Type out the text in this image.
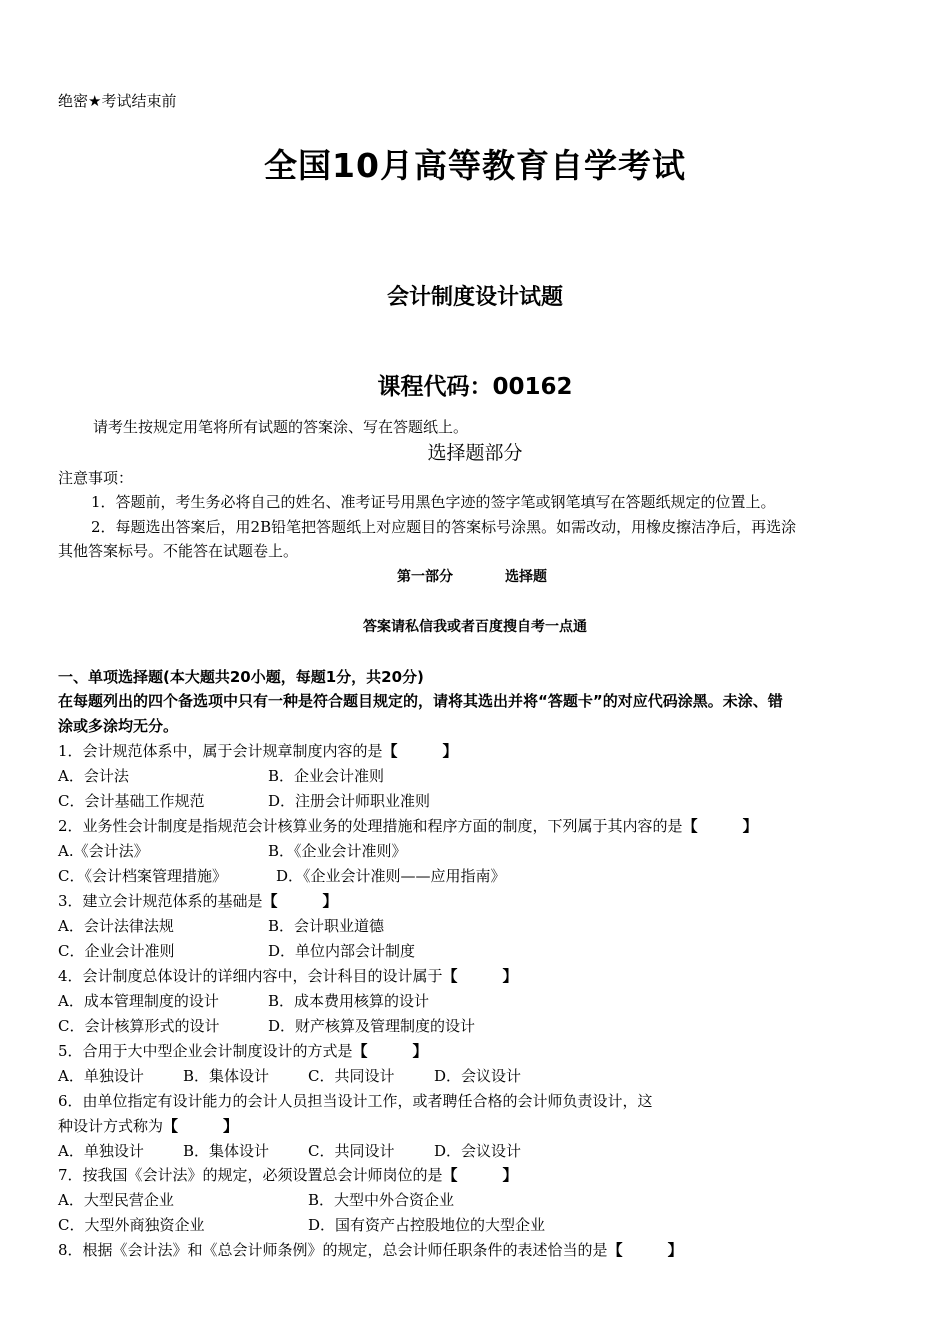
绝密★考试结束前
全国10月高等教育自学考试
会计制度设计试题
课程代码：00162
请考生按规定用笔将所有试题的答案涂、写在答题纸上。
选择题部分
注意事项：
1．答题前，考生务必将自己的姓名、准考证号用黑色字迹的签字笔或钢笔填写在答题纸规定的位置上。
2．每题选出答案后，用2B铅笔把答题纸上对应题目的答案标号涂黑。如需改动，用橡皮擦洁净后，再选涂
其他答案标号。不能答在试题卷上。
第一部分	选择题
答案请私信我或者百度搜自考一点通
一、单项选择题(本大题共20小题，每题1分，共20分)
在每题列出的四个备选项中只有一种是符合题目规定的，请将其选出并将“答题卡”的对应代码涂黑。未涂、错
涂或多涂均无分。
1．会计规范体系中，属于会计规章制度内容的是【　　　】
A．会计法	B．企业会计准则
C．会计基础工作规范	D．注册会计师职业准则
2．业务性会计制度是指规范会计核算业务的处理措施和程序方面的制度，下列属于其内容的是【　　　】
A.《会计法》	B．《企业会计准则》
C．《会计档案管理措施》	D．《企业会计准则——应用指南》
3．建立会计规范体系的基础是【　　　】
A．会计法律法规	B．会计职业道德
C．企业会计准则	D．单位内部会计制度
4．会计制度总体设计的详细内容中，会计科目的设计属于【　　　】
A．成本管理制度的设计	B．成本费用核算的设计
C．会计核算形式的设计	D．财产核算及管理制度的设计
5．合用于大中型企业会计制度设计的方式是【　　　】
A．单独设计	B．集体设计	C．共同设计	D．会议设计
6．由单位指定有设计能力的会计人员担当设计工作，或者聘任合格的会计师负责设计，这
种设计方式称为【　　　】
A．单独设计	B．集体设计	C．共同设计	D．会议设计
7．按我国《会计法》的规定，必须设置总会计师岗位的是【　　　】
A．大型民营企业	B．大型中外合资企业
C．大型外商独资企业	D．国有资产占控股地位的大型企业
8．根据《会计法》和《总会计师条例》的规定，总会计师任职条件的表述恰当的是【　　　】
